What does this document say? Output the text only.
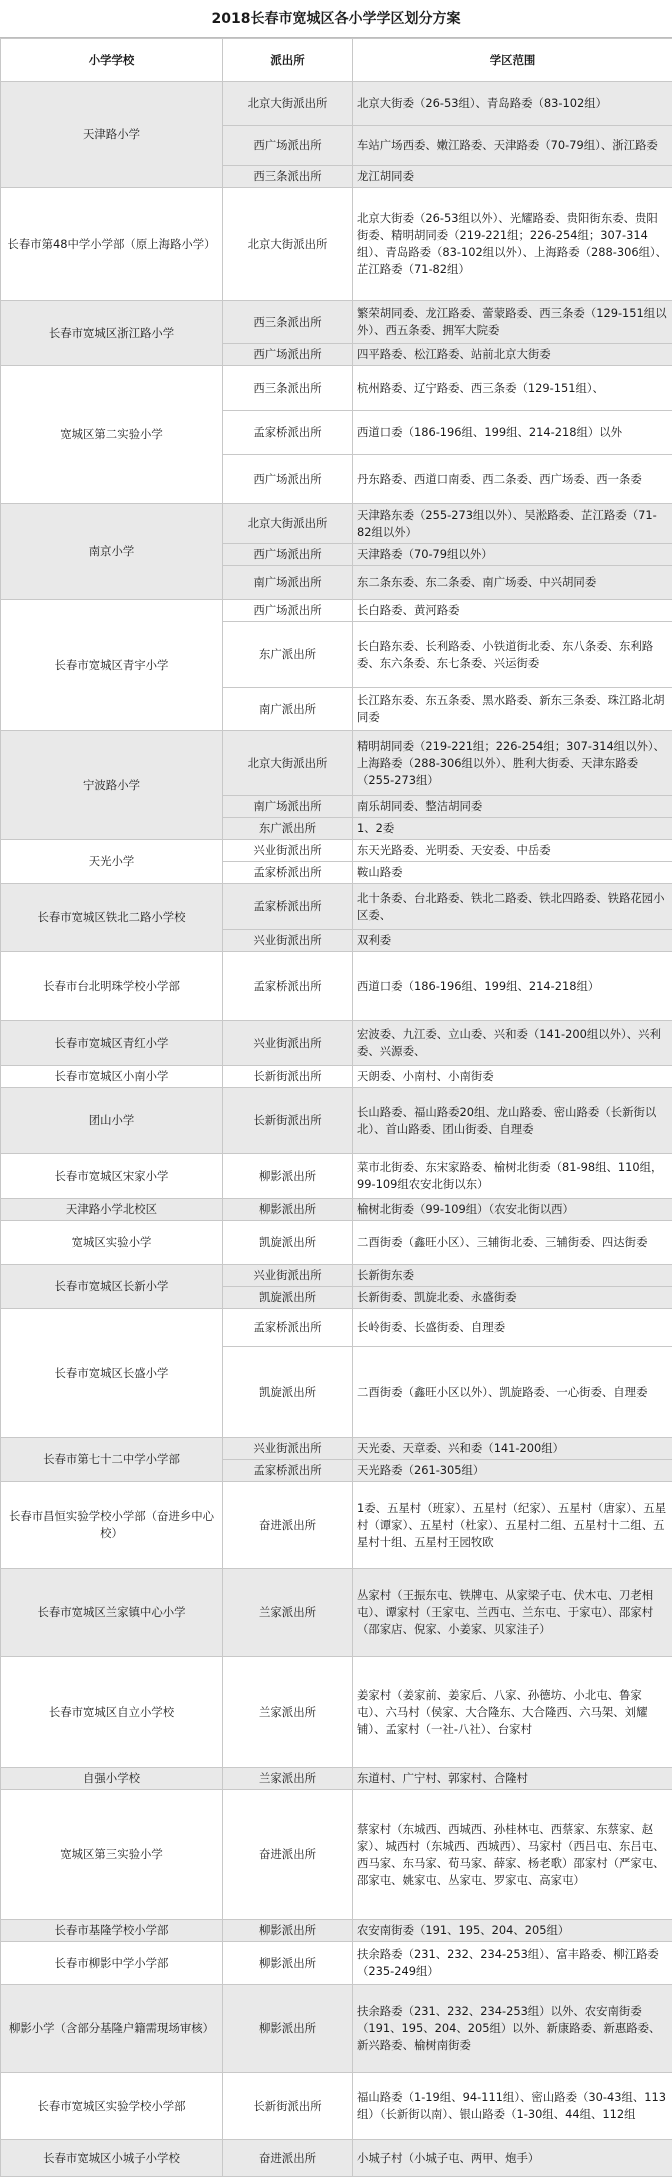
2018长春市宽城区各小学学区划分方案
小学学校	派出所	学区范围
天津路小学	北京大街派出所	北京大街委（26-53组）、青岛路委（83-102组）
	西广场派出所	车站广场西委、嫩江路委、天津路委（70-79组）、浙江路委
	西三条派出所	龙江胡同委
长春市第48中学小学部（原上海路小学）	北京大街派出所	北京大街委（26-53组以外）、光耀路委、贵阳街东委、贵阳街委、精明胡同委（219-221组；226-254组；307-314组）、青岛路委（83-102组以外）、上海路委（288-306组）、芷江路委（71-82组）
长春市宽城区浙江路小学	西三条派出所	繁荣胡同委、龙江路委、蕾蒙路委、西三条委（129-151组以外）、西五条委、拥军大院委
	西广场派出所	四平路委、松江路委、站前北京大街委
宽城区第二实验小学	西三条派出所	杭州路委、辽宁路委、西三条委（129-151组）、
	孟家桥派出所	西道口委（186-196组、199组、214-218组）以外
	西广场派出所	丹东路委、西道口南委、西二条委、西广场委、西一条委
南京小学	北京大街派出所	天津路东委（255-273组以外）、吴淞路委、芷江路委（71-82组以外）
	西广场派出所	天津路委（70-79组以外）
	南广场派出所	东二条东委、东二条委、南广场委、中兴胡同委
长春市宽城区青宇小学	西广场派出所	长白路委、黄河路委
	东广派出所	长白路东委、长利路委、小铁道街北委、东八条委、东利路委、东六条委、东七条委、兴运街委
	南广派出所	长江路东委、东五条委、黑水路委、新东三条委、珠江路北胡同委
宁波路小学	北京大街派出所	精明胡同委（219-221组；226-254组；307-314组以外）、上海路委（288-306组以外）、胜利大街委、天津东路委（255-273组）
	南广场派出所	南乐胡同委、整洁胡同委
	东广派出所	1、2委
天光小学	兴业街派出所	东天光路委、光明委、天安委、中岳委
	孟家桥派出所	鞍山路委
长春市宽城区铁北二路小学校	孟家桥派出所	北十条委、台北路委、铁北二路委、铁北四路委、铁路花园小区委、
	兴业街派出所	双利委
长春市台北明珠学校小学部	孟家桥派出所	西道口委（186-196组、199组、214-218组）
长春市宽城区青红小学	兴业街派出所	宏波委、九江委、立山委、兴和委（141-200组以外）、兴利委、兴源委、
长春市宽城区小南小学	长新街派出所	天朗委、小南村、小南街委
团山小学	长新街派出所	长山路委、福山路委20组、龙山路委、密山路委（长新街以北）、首山路委、团山街委、自理委
长春市宽城区宋家小学	柳影派出所	菜市北街委、东宋家路委、榆树北街委（81-98组、110组，99-109组农安北街以东）
天津路小学北校区	柳影派出所	榆树北街委（99-109组）（农安北街以西）
宽城区实验小学	凯旋派出所	二酉街委（鑫旺小区）、三辅街北委、三辅街委、四达街委
长春市宽城区长新小学	兴业街派出所	长新街东委
	凯旋派出所	长新街委、凯旋北委、永盛街委
长春市宽城区长盛小学	孟家桥派出所	长岭街委、长盛街委、自理委
	凯旋派出所	二酉街委（鑫旺小区以外）、凯旋路委、一心街委、自理委
长春市第七十二中学小学部	兴业街派出所	天光委、天章委、兴和委（141-200组）
	孟家桥派出所	天光路委（261-305组）
长春市昌恒实验学校小学部（奋进乡中心校）	奋进派出所	1委、五星村（班家）、五星村（纪家）、五星村（唐家）、五星村（谭家）、五星村（杜家）、五星村二组、五星村十二组、五星村十组、五星村王园牧欧
长春市宽城区兰家镇中心小学	兰家派出所	丛家村（王振东屯、铁牌屯、从家梁子屯、伏木屯、刀老相屯）、谭家村（王家屯、兰西屯、兰东屯、于家屯）、邵家村（邵家店、倪家、小姜家、贝家洼子）
长春市宽城区自立小学校	兰家派出所	姜家村（姜家前、姜家后、八家、孙德坊、小北屯、鲁家屯）、六马村（侯家、大合隆东、大合隆西、六马架、刘耀铺）、孟家村（一社-八社）、台家村
自强小学校	兰家派出所	东道村、广宁村、郭家村、合隆村
宽城区第三实验小学	奋进派出所	蔡家村（东城西、西城西、孙桂林屯、西蔡家、东蔡家、赵家）、城西村（东城西、西城西）、马家村（西吕屯、东吕屯、西马家、东马家、荀马家、薛家、杨老歌）邵家村（严家屯、邵家屯、姚家屯、丛家屯、罗家屯、高家屯）
长春市基隆学校小学部	柳影派出所	农安南街委（191、195、204、205组）
长春市柳影中学小学部	柳影派出所	扶余路委（231、232、234-253组）、富丰路委、柳江路委（235-249组）
柳影小学（含部分基隆户籍需現场审核）	柳影派出所	扶余路委（231、232、234-253组）以外、农安南街委（191、195、204、205组）以外、新康路委、新惠路委、新兴路委、榆树南街委
长春市宽城区实验学校小学部	长新街派出所	福山路委（1-19组、94-111组）、密山路委（30-43组、113组）（长新街以南）、银山路委（1-30组、44组、112组
长春市宽城区小城子小学校	奋进派出所	小城子村（小城子屯、两甲、炮手）
